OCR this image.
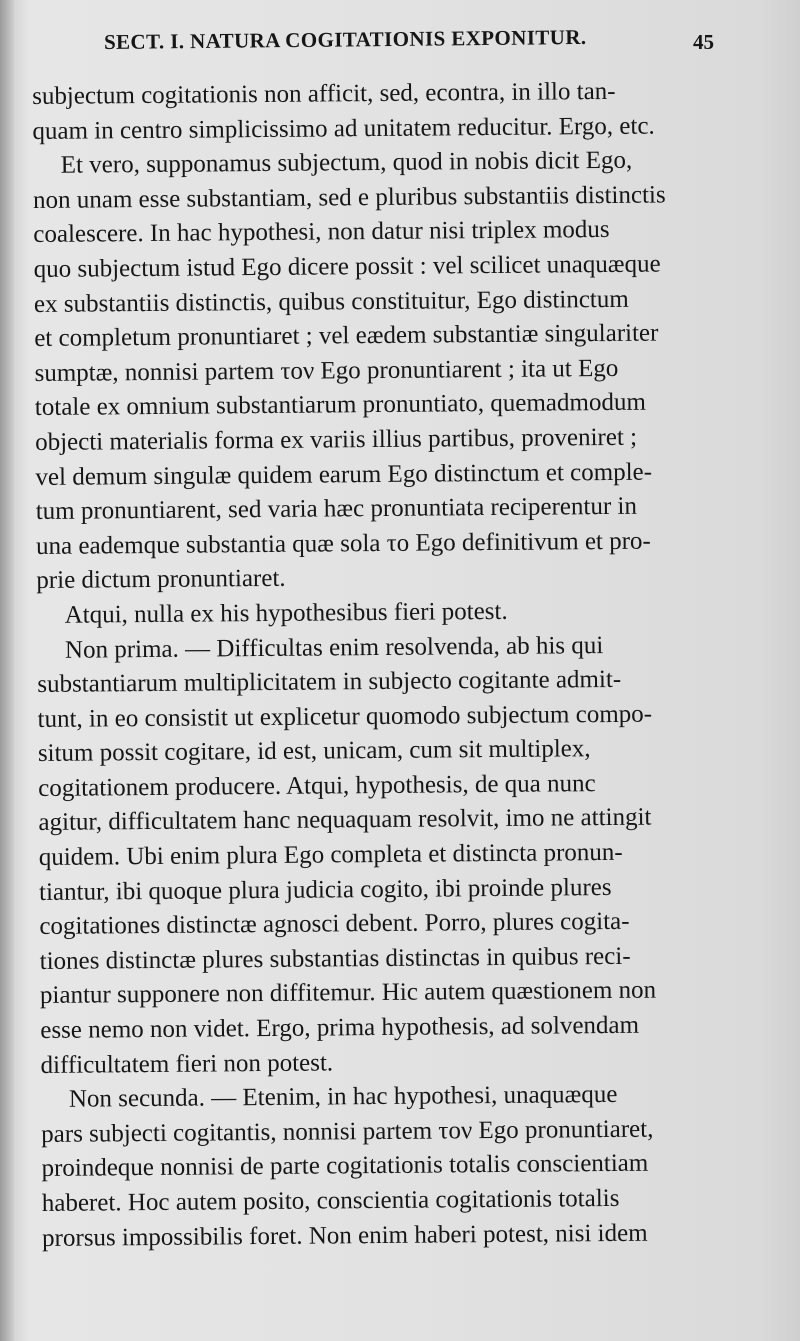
SECT. I. NATURA COGITATIONIS EXPONITUR.	45
subjectum cogitationis non afficit, sed, econtra, in illo tan-
quam in centro simplicissimo ad unitatem reducitur. Ergo, etc.
Et vero, supponamus subjectum, quod in nobis dicit Ego,
non unam esse substantiam, sed e pluribus substantiis distinctis
coalescere. In hac hypothesi, non datur nisi triplex modus
quo subjectum istud Ego dicere possit : vel scilicet unaquæque
ex substantiis distinctis, quibus constituitur, Ego distinctum
et completum pronuntiaret ; vel eædem substantiæ singulariter
sumptæ, nonnisi partem τον Ego pronuntiarent ; ita ut Ego
totale ex omnium substantiarum pronuntiato, quemadmodum
objecti materialis forma ex variis illius partibus, proveniret ;
vel demum singulæ quidem earum Ego distinctum et comple-
tum pronuntiarent, sed varia hæc pronuntiata reciperentur in
una eademque substantia quæ sola το Ego definitivum et pro-
prie dictum pronuntiaret.
Atqui, nulla ex his hypothesibus fieri potest.
Non prima. — Difficultas enim resolvenda, ab his qui
substantiarum multiplicitatem in subjecto cogitante admit-
tunt, in eo consistit ut explicetur quomodo subjectum compo-
situm possit cogitare, id est, unicam, cum sit multiplex,
cogitationem producere. Atqui, hypothesis, de qua nunc
agitur, difficultatem hanc nequaquam resolvit, imo ne attingit
quidem. Ubi enim plura Ego completa et distincta pronun-
tiantur, ibi quoque plura judicia cogito, ibi proinde plures
cogitationes distinctæ agnosci debent. Porro, plures cogita-
tiones distinctæ plures substantias distinctas in quibus reci-
piantur supponere non diffitemur. Hic autem quæstionem non
esse nemo non videt. Ergo, prima hypothesis, ad solvendam
difficultatem fieri non potest.
Non secunda. — Etenim, in hac hypothesi, unaquæque
pars subjecti cogitantis, nonnisi partem τον Ego pronuntiaret,
proindeque nonnisi de parte cogitationis totalis conscientiam
haberet. Hoc autem posito, conscientia cogitationis totalis
prorsus impossibilis foret. Non enim haberi potest, nisi idem
